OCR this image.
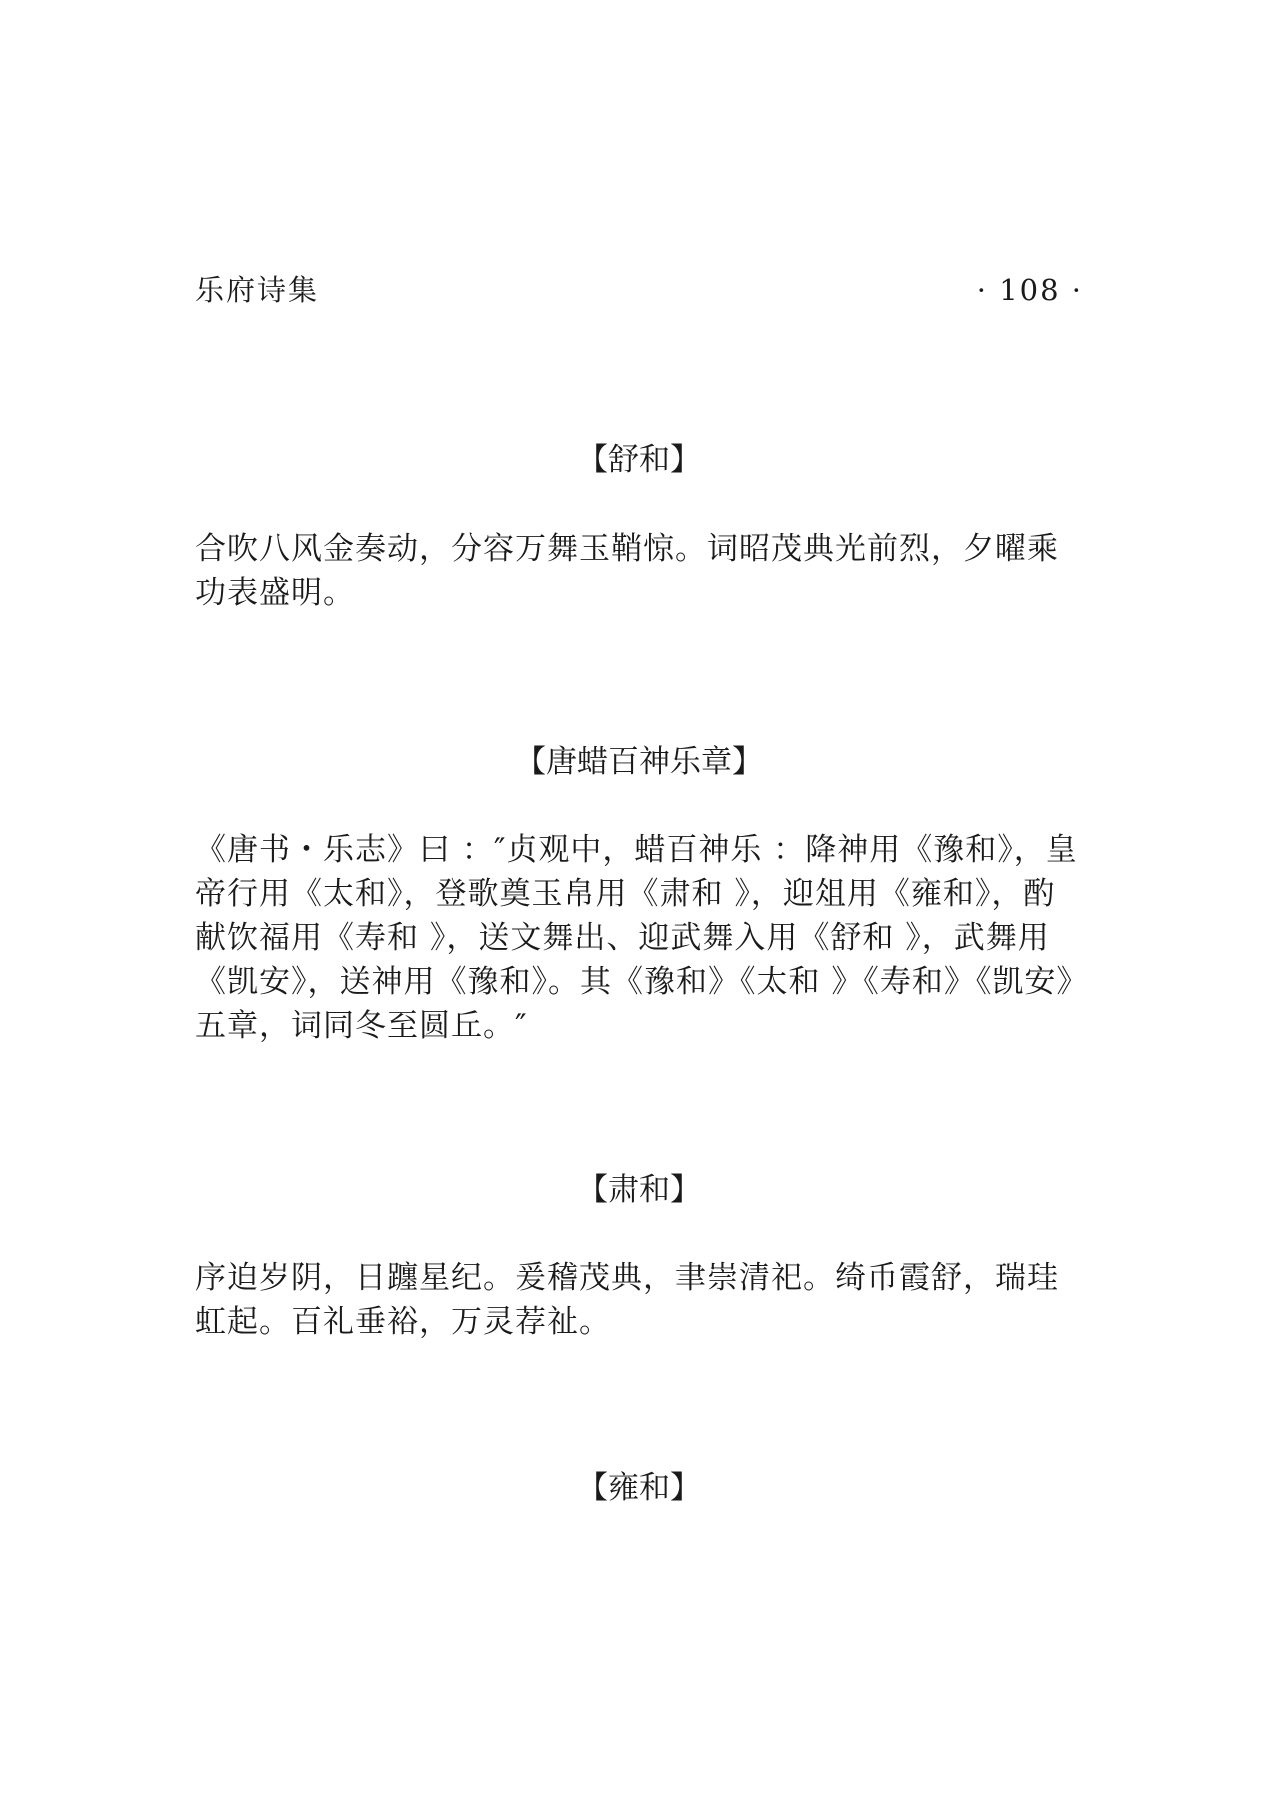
乐府诗集	· 108 ·
【舒和】
合吹八风金奏动，分容万舞玉鞘惊。词昭茂典光前烈，夕曜乘功表盛明。
【唐蜡百神乐章】
《唐书・乐志》曰 ：″贞观中，蜡百神乐 ：降神用《豫和》，皇帝行用《太和》，登歌奠玉帛用《肃和 》，迎俎用《雍和》，酌献饮福用《寿和 》，送文舞出、迎武舞入用《舒和 》，武舞用《凯安》，送神用《豫和》。其《豫和》《太和 》《寿和》《凯安》五章，词同冬至圆丘。″
【肃和】
序迫岁阴，日躔星纪。爰稽茂典，聿崇清祀。绮币霞舒，瑞珪虹起。百礼垂裕，万灵荐祉。
【雍和】
